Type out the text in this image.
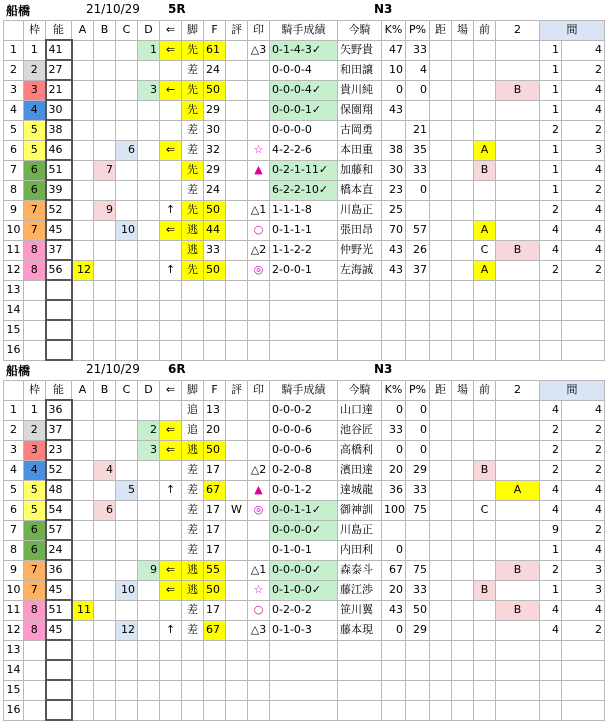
船橋	21/10/29 5R	N3
	枠	能	A	B	C	D	⇐	脚	F	評	印	騎手成績	今騎	K%	P%	距	場	前	2	間	
1	1	41				1	⇐	先	61		△3	0-1-4-3✓	矢野貴	47	33					1	4
2	2	27						差	24			0-0-0-4	和田譲	10	4					1	2
3	3	21				3	←	先	50			0-0-0-4✓	貴川純	0	0				B	1	4
4	4	30						先	29			0-0-0-1✓	保園翔	43						1	4
5	5	38						差	30			0-0-0-0	古岡勇		21					2	2
6	5	46			6		⇐	差	32		☆	4-2-2-6	本田重	38	35			A		1	3
7	6	51		7				先	29		▲	0-2-1-11✓	加藤和	30	33			B		1	4
8	6	39						差	24			6-2-2-10✓	橋本直	23	0					1	2
9	7	52		9			↑	先	50		△1	1-1-1-8	川島正	25						2	4
10	7	45			10		⇐	逃	44		○	0-1-1-1	張田昂	70	57			A		4	4
11	8	37						逃	33		△2	1-1-2-2	仲野光	43	26			C	B	4	4
12	8	56	12				↑	先	50		◎	2-0-0-1	左海誠	43	37			A		2	2
13																					
14																					
15																					
16																					
船橋	21/10/29 6R	N3
	枠	能	A	B	C	D	⇐	脚	F	評	印	騎手成績	今騎	K%	P%	距	場	前	2	間	
1	1	36						追	13			0-0-0-2	山口達	0	0					4	4
2	2	37				2	⇐	追	20			0-0-0-6	池谷匠	33	0					2	2
3	3	23				3	⇐	逃	50			0-0-0-6	高橋利	0	0					2	2
4	4	52		4				差	17		△2	0-2-0-8	濱田達	20	29			B		2	2
5	5	48			5		↑	差	67		▲	0-0-1-2	達城龍	36	33				A	4	4
6	5	54		6				差	17	W	◎	0-0-1-1✓	御神訓	100	75			C		4	4
7	6	57						差	17			0-0-0-0✓	川島正							9	2
8	6	24						差	17			0-1-0-1	内田利	0						1	4
9	7	36				9	⇐	逃	55		△1	0-0-0-0✓	森泰斗	67	75				B	2	3
10	7	45			10		⇐	逃	50		☆	0-1-0-0✓	藤江渉	20	33			B		1	3
11	8	51	11					差	17		○	0-2-0-2	笹川翼	43	50				B	4	4
12	8	45			12		↑	差	67		△3	0-1-0-3	藤本現	0	29					4	2
13																					
14																					
15																					
16																					
